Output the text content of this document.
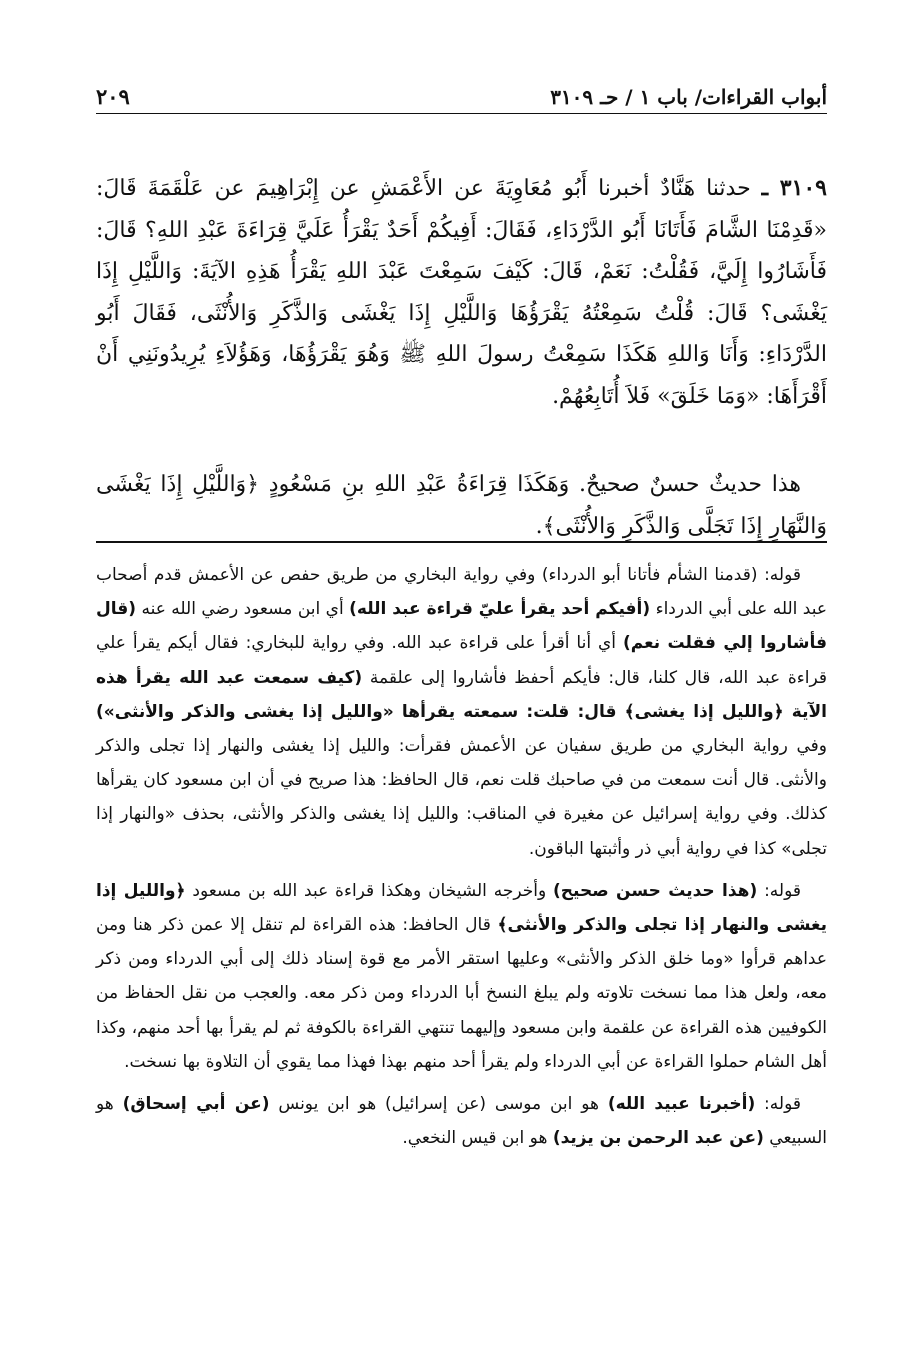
أبواب القراءات/ باب ١ / حـ ٣١٠٩
٢٠٩

٣١٠٩ ـ حدثنا هَنَّادٌ أخبرنا أَبُو مُعَاوِيَةَ عن الأَعْمَشِ عن إِبْرَاهِيمَ عن عَلْقَمَةَ قَالَ: «قَدِمْنَا الشَّامَ فَأَتَانَا أَبُو الدَّرْدَاءِ، فَقَالَ: أَفِيكُمْ أَحَدٌ يَقْرَأُ عَلَيَّ قِرَاءَةَ عَبْدِ اللهِ؟ قَالَ: فَأَشَارُوا إِلَيَّ، فَقُلْتُ: نَعَمْ، قَالَ: كَيْفَ سَمِعْتَ عَبْدَ اللهِ يَقْرَأُ هَذِهِ الآيَةَ: وَاللَّيْلِ إِذَا يَغْشَى؟ قَالَ: قُلْتُ سَمِعْتُهُ يَقْرَؤُهَا وَاللَّيْلِ إِذَا يَغْشَى وَالذَّكَرِ وَالأُنْثَى، فَقَالَ أَبُو الدَّرْدَاءِ: وَأَنَا وَاللهِ هَكَذَا سَمِعْتُ رسولَ اللهِ ﷺ وَهُوَ يَقْرَؤُهَا، وَهَؤُلاَءِ يُرِيدُونَنِي أَنْ أَقْرَأَهَا: «وَمَا خَلَقَ» فَلاَ أُتَابِعُهُمْ.

هذا حديثٌ حسنٌ صحيحٌ. وَهَكَذَا قِرَاءَةُ عَبْدِ اللهِ بنِ مَسْعُودٍ ﴿وَاللَّيْلِ إِذَا يَغْشَى وَالنَّهَارِ إِذَا تَجَلَّى وَالذَّكَرِ وَالأُنْثَى﴾.

قوله: (قدمنا الشأم فأتانا أبو الدرداء) وفي رواية البخاري من طريق حفص عن الأعمش قدم أصحاب عبد الله على أبي الدرداء (أفيكم أحد يقرأ عليّ قراءة عبد الله) أي ابن مسعود رضي الله عنه (قال فأشاروا إلي فقلت نعم) أي أنا أقرأ على قراءة عبد الله. وفي رواية للبخاري: فقال أيكم يقرأ علي قراءة عبد الله، قال كلنا، قال: فأيكم أحفظ فأشاروا إلى علقمة (كيف سمعت عبد الله يقرأ هذه الآية ﴿والليل إذا يغشى﴾ قال: قلت: سمعته يقرأها «والليل إذا يغشى والذكر والأنثى») وفي رواية البخاري من طريق سفيان عن الأعمش فقرأت: والليل إذا يغشى والنهار إذا تجلى والذكر والأنثى. قال أنت سمعت من في صاحبك قلت نعم، قال الحافظ: هذا صريح في أن ابن مسعود كان يقرأها كذلك. وفي رواية إسرائيل عن مغيرة في المناقب: والليل إذا يغشى والذكر والأنثى، بحذف «والنهار إذا تجلى» كذا في رواية أبي ذر وأثبتها الباقون.

قوله: (هذا حديث حسن صحيح) وأخرجه الشيخان وهكذا قراءة عبد الله بن مسعود ﴿والليل إذا يغشى والنهار إذا تجلى والذكر والأنثى﴾ قال الحافظ: هذه القراءة لم تنقل إلا عمن ذكر هنا ومن عداهم قرأوا «وما خلق الذكر والأنثى» وعليها استقر الأمر مع قوة إسناد ذلك إلى أبي الدرداء ومن ذكر معه، ولعل هذا مما نسخت تلاوته ولم يبلغ النسخ أبا الدرداء ومن ذكر معه. والعجب من نقل الحفاظ من الكوفيين هذه القراءة عن علقمة وابن مسعود وإليهما تنتهي القراءة بالكوفة ثم لم يقرأ بها أحد منهم، وكذا أهل الشام حملوا القراءة عن أبي الدرداء ولم يقرأ أحد منهم بهذا فهذا مما يقوي أن التلاوة بها نسخت.

قوله: (أخبرنا عبيد الله) هو ابن موسى (عن إسرائيل) هو ابن يونس (عن أبي إسحاق) هو السبيعي (عن عبد الرحمن بن يزيد) هو ابن قيس النخعي.
